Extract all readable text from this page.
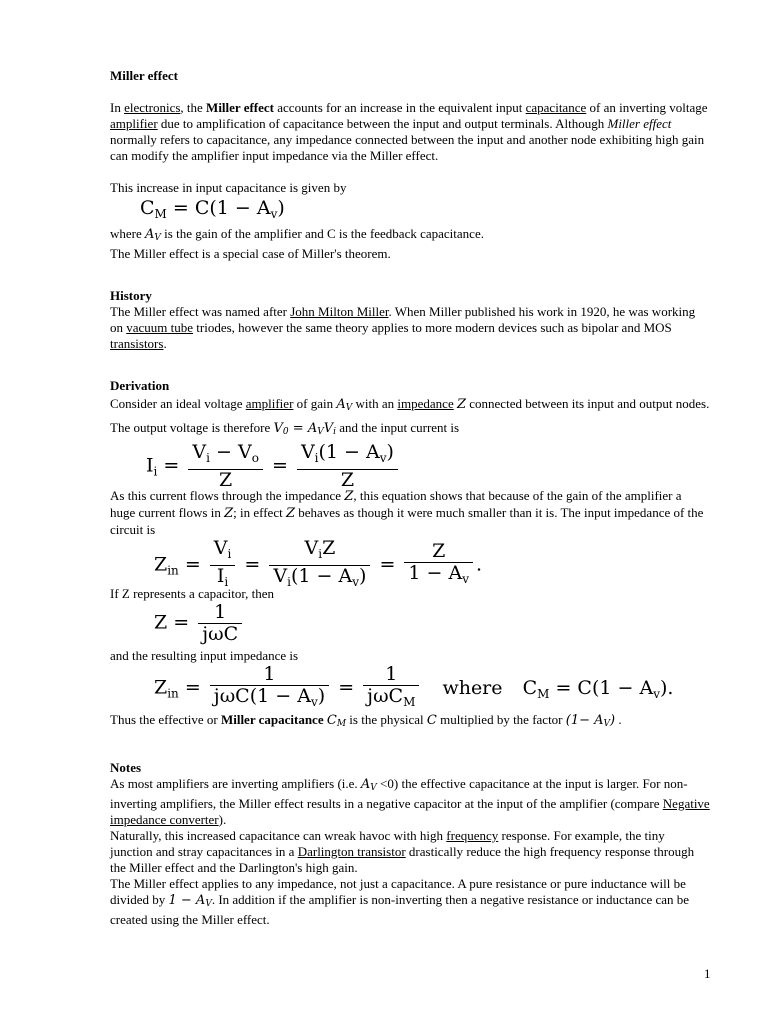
Miller effect

In electronics, the Miller effect accounts for an increase in the equivalent input capacitance of an inverting voltage amplifier due to amplification of capacitance between the input and output terminals. Although Miller effect normally refers to capacitance, any impedance connected between the input and another node exhibiting high gain can modify the amplifier input impedance via the Miller effect.

This increase in input capacitance is given by

$C_M = C(1 - A_v)$

where AV is the gain of the amplifier and C is the feedback capacitance.

The Miller effect is a special case of Miller's theorem.

History

The Miller effect was named after John Milton Miller. When Miller published his work in 1920, he was working on vacuum tube triodes, however the same theory applies to more modern devices such as bipolar and MOS transistors.

Derivation

Consider an ideal voltage amplifier of gain AV with an impedance Z connected between its input and output nodes. The output voltage is therefore V0 = AVVi and the input current is

$I_i = \frac{V_i - V_o}{Z} = \frac{V_i(1 - A_v)}{Z}$

As this current flows through the impedance Z, this equation shows that because of the gain of the amplifier a huge current flows in Z; in effect Z behaves as though it were much smaller than it is. The input impedance of the circuit is

$Z_{in} = \frac{V_i}{I_i}$ =
$V_iZ$
$V_i(1 - A_v)$
= $\frac{Z}{1 - A_v}$ .

If Z represents a capacitor, then

Z =	1
jωC

and the resulting input impedance is

$Z_{in}$ =
1
$j\omega C(1 - A_v)$ =
1
jωC$_M$
where $C_M = C(1 - A_v)$.

Thus the effective or Miller capacitance CM is the physical C multiplied by the factor (1− AV) .

Notes

As most amplifiers are inverting amplifiers (i.e. AV <0) the effective capacitance at the input is larger. For non-inverting amplifiers, the Miller effect results in a negative capacitor at the input of the amplifier (compare Negative impedance converter).

Naturally, this increased capacitance can wreak havoc with high frequency response. For example, the tiny junction and stray capacitances in a Darlington transistor drastically reduce the high frequency response through the Miller effect and the Darlington's high gain.

The Miller effect applies to any impedance, not just a capacitance. A pure resistance or pure inductance will be divided by 1 − AV. In addition if the amplifier is non-inverting then a negative resistance or inductance can be created using the Miller effect.

1
